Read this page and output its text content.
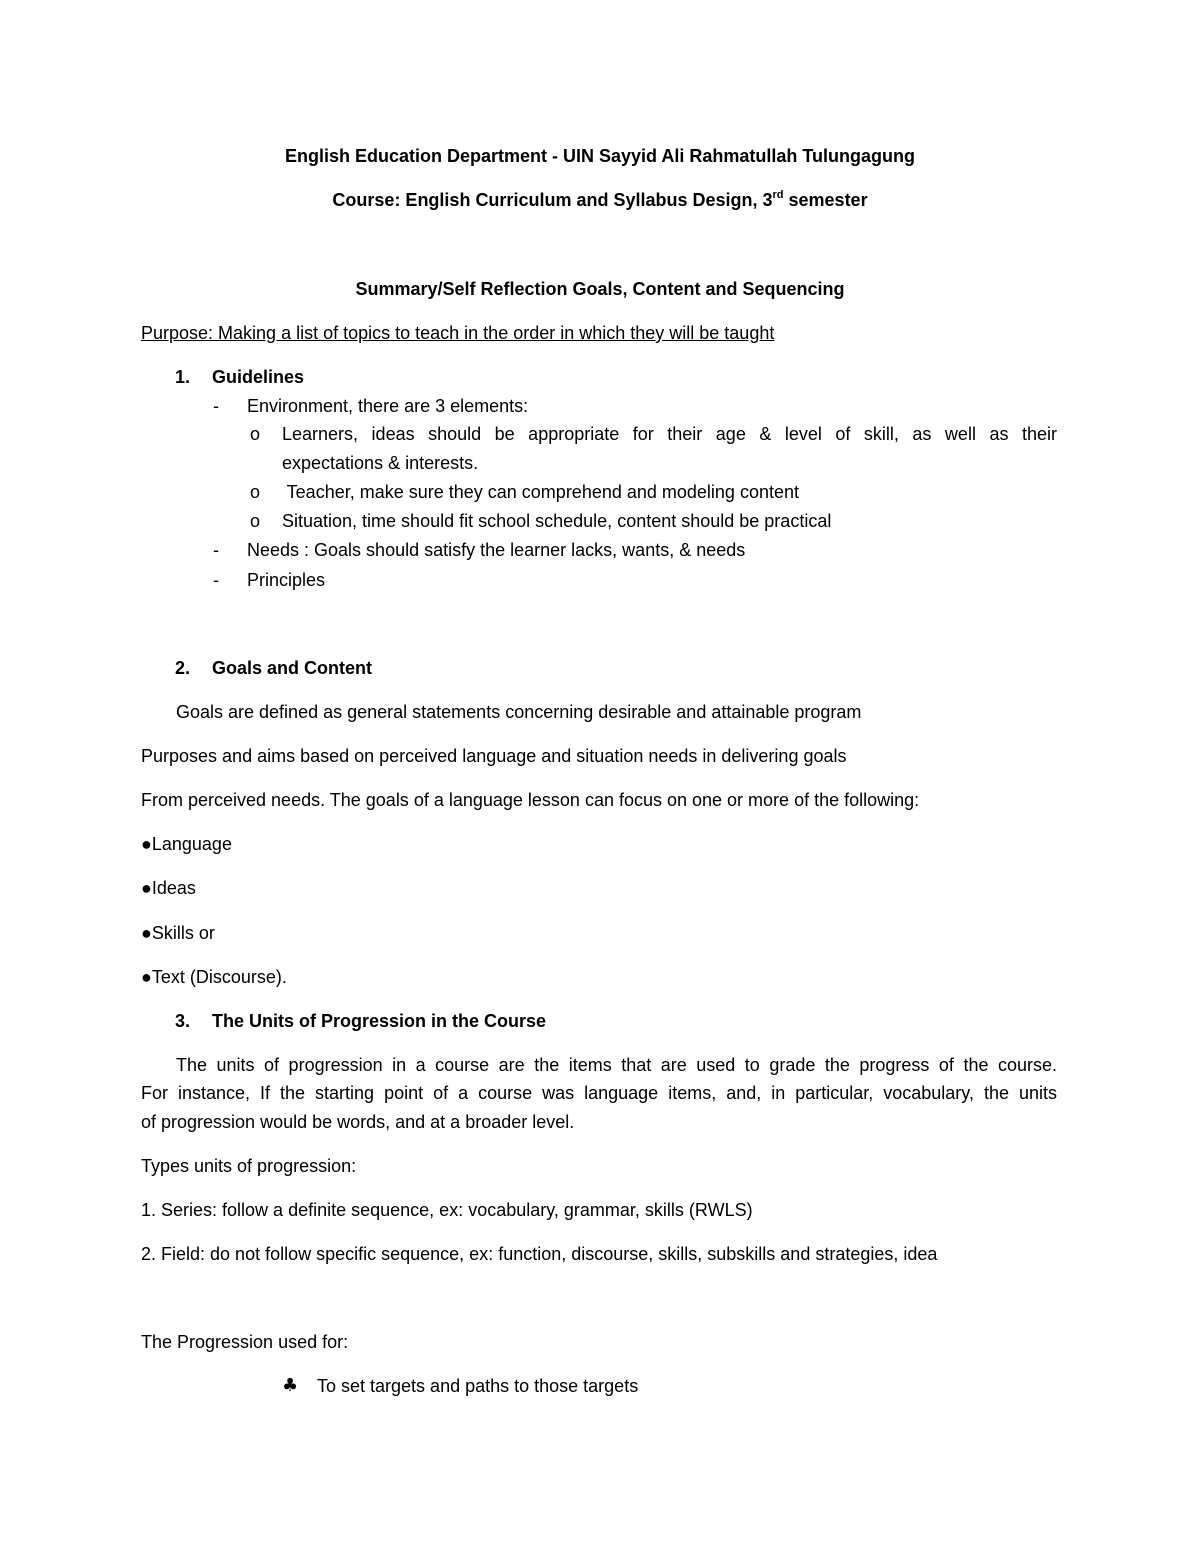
English Education Department - UIN Sayyid Ali Rahmatullah Tulungagung
Course: English Curriculum and Syllabus Design, 3rd semester
Summary/Self Reflection Goals, Content and Sequencing
Purpose: Making a list of topics to teach in the order in which they will be taught
1. Guidelines
- Environment, there are 3 elements:
o Learners, ideas should be appropriate for their age & level of skill, as well as their
expectations & interests.
o Teacher, make sure they can comprehend and modeling content
o Situation, time should fit school schedule, content should be practical
- Needs : Goals should satisfy the learner lacks, wants, & needs
- Principles
2. Goals and Content
Goals are defined as general statements concerning desirable and attainable program
Purposes and aims based on perceived language and situation needs in delivering goals
From perceived needs. The goals of a language lesson can focus on one or more of the following:
●Language
●Ideas
●Skills or
●Text (Discourse).
3. The Units of Progression in the Course
The units of progression in a course are the items that are used to grade the progress of the course.
For instance, If the starting point of a course was language items, and, in particular, vocabulary, the units
of progression would be words, and at a broader level.
Types units of progression:
1. Series: follow a definite sequence, ex: vocabulary, grammar, skills (RWLS)
2. Field: do not follow specific sequence, ex: function, discourse, skills, subskills and strategies, idea
The Progression used for:
♣ To set targets and paths to those targets
